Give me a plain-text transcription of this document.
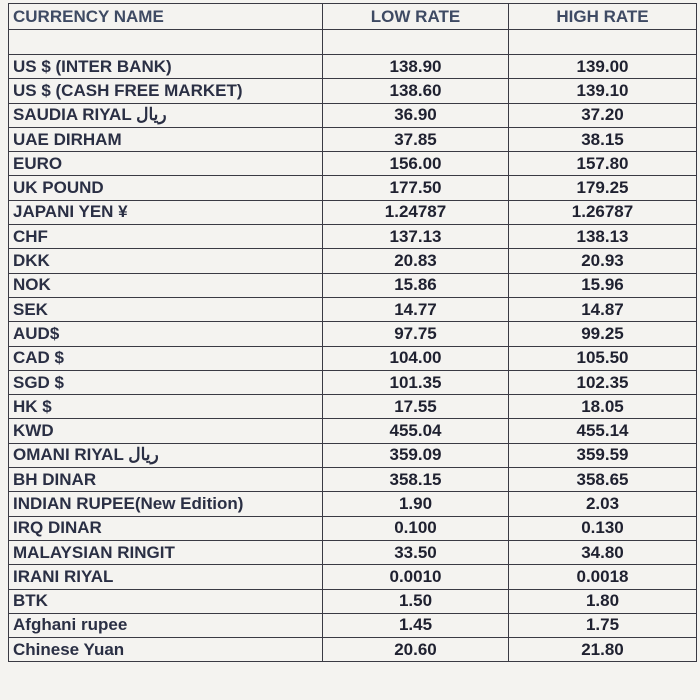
CURRENCY NAME	LOW RATE	HIGH RATE

US $ (INTER BANK)	138.90	139.00
US $ (CASH FREE MARKET)	138.60	139.10
SAUDIA RIYAL ریال	36.90	37.20
UAE DIRHAM	37.85	38.15
EURO	156.00	157.80
UK POUND	177.50	179.25
JAPANI YEN ¥	1.24787	1.26787
CHF	137.13	138.13
DKK	20.83	20.93
NOK	15.86	15.96
SEK	14.77	14.87
AUD$	97.75	99.25
CAD $	104.00	105.50
SGD $	101.35	102.35
HK $	17.55	18.05
KWD	455.04	455.14
OMANI RIYAL ریال	359.09	359.59
BH DINAR	358.15	358.65
INDIAN RUPEE(New Edition)	1.90	2.03
IRQ DINAR	0.100	0.130
MALAYSIAN RINGIT	33.50	34.80
IRANI RIYAL	0.0010	0.0018
BTK	1.50	1.80
Afghani rupee	1.45	1.75
Chinese Yuan	20.60	21.80
